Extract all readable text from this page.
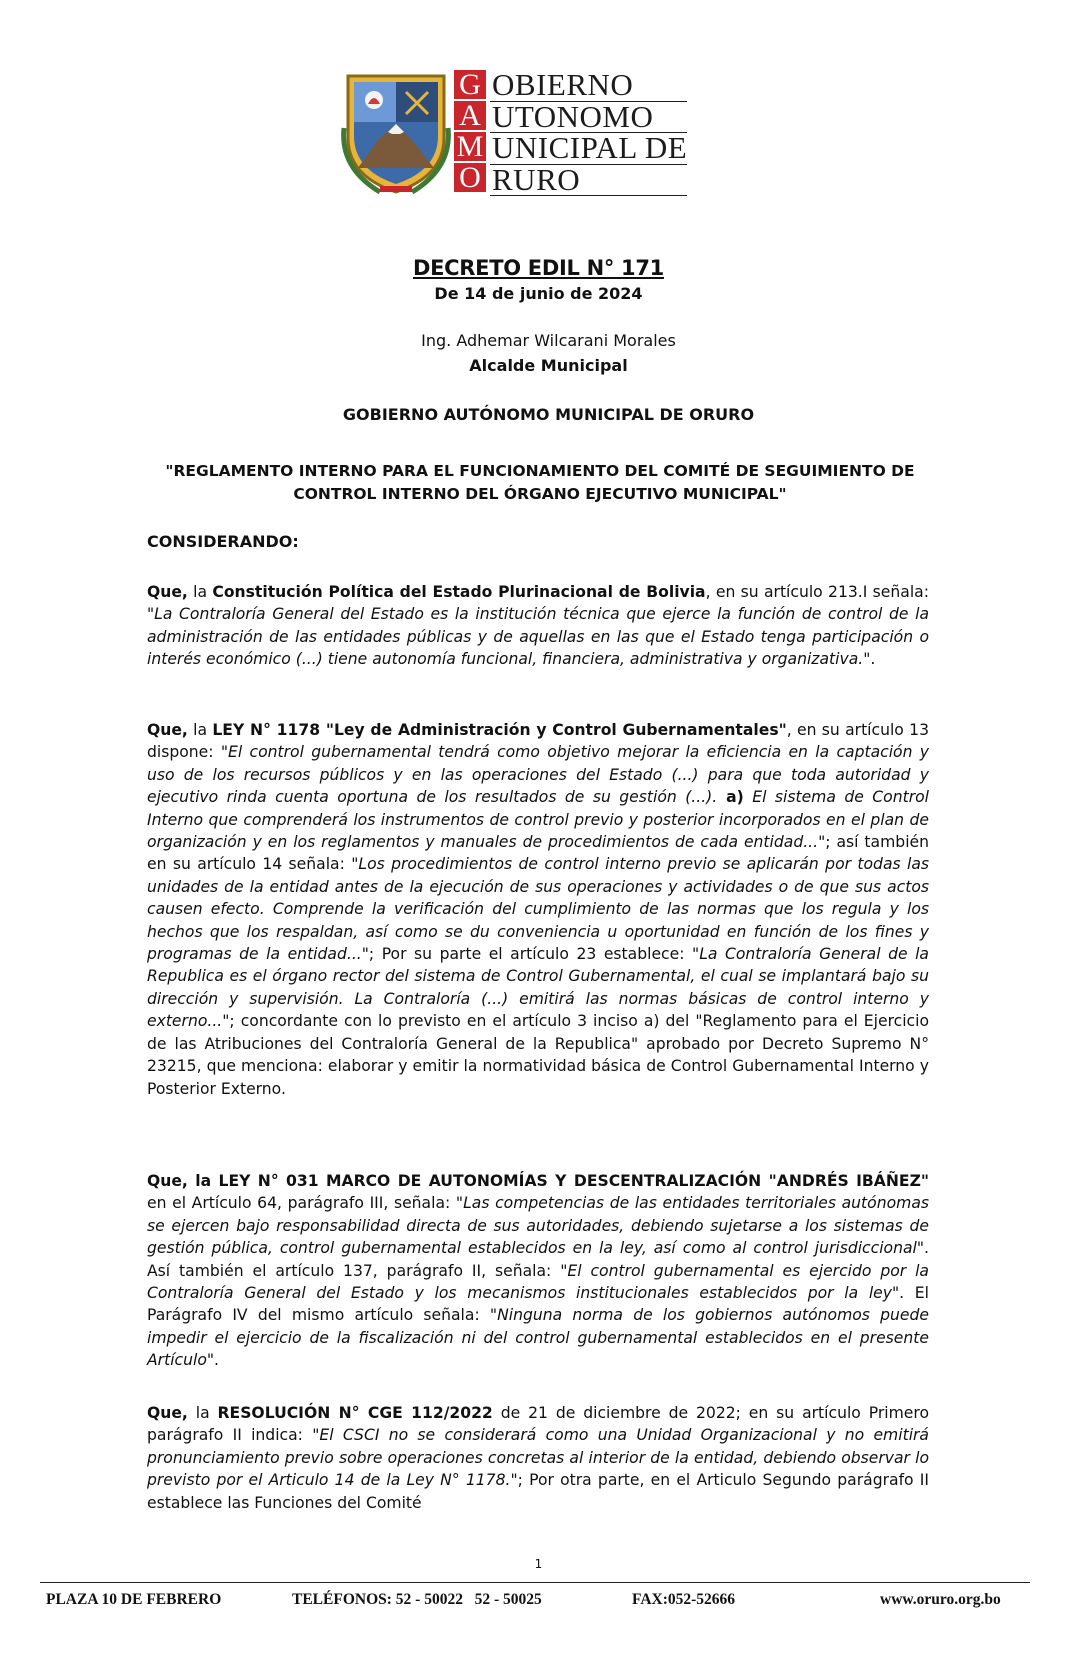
G
A
M
O
OBIERNO
UTONOMO
UNICIPAL DE
RURO
DECRETO EDIL N° 171
De 14 de junio de 2024
Ing. Adhemar Wilcarani Morales
Alcalde Municipal
GOBIERNO AUTÓNOMO MUNICIPAL DE ORURO
"REGLAMENTO INTERNO PARA EL FUNCIONAMIENTO DEL COMITÉ DE SEGUIMIENTO DE CONTROL INTERNO DEL ÓRGANO EJECUTIVO MUNICIPAL"
CONSIDERANDO:
Que, la Constitución Política del Estado Plurinacional de Bolivia, en su artículo 213.I señala: "La Contraloría General del Estado es la institución técnica que ejerce la función de control de la administración de las entidades públicas y de aquellas en las que el Estado tenga participación o interés económico (...) tiene autonomía funcional, financiera, administrativa y organizativa.".
Que, la LEY N° 1178 "Ley de Administración y Control Gubernamentales", en su artículo 13 dispone: "El control gubernamental tendrá como objetivo mejorar la eficiencia en la captación y uso de los recursos públicos y en las operaciones del Estado (...) para que toda autoridad y ejecutivo rinda cuenta oportuna de los resultados de su gestión (...). a) El sistema de Control Interno que comprenderá los instrumentos de control previo y posterior incorporados en el plan de organización y en los reglamentos y manuales de procedimientos de cada entidad..."; así también en su artículo 14 señala: "Los procedimientos de control interno previo se aplicarán por todas las unidades de la entidad antes de la ejecución de sus operaciones y actividades o de que sus actos causen efecto. Comprende la verificación del cumplimiento de las normas que los regula y los hechos que los respaldan, así como se du conveniencia u oportunidad en función de los fines y programas de la entidad..."; Por su parte el artículo 23 establece: "La Contraloría General de la Republica es el órgano rector del sistema de Control Gubernamental, el cual se implantará bajo su dirección y supervisión. La Contraloría (...) emitirá las normas básicas de control interno y externo..."; concordante con lo previsto en el artículo 3 inciso a) del "Reglamento para el Ejercicio de las Atribuciones del Contraloría General de la Republica" aprobado por Decreto Supremo N° 23215, que menciona: elaborar y emitir la normatividad básica de Control Gubernamental Interno y Posterior Externo.
Que, la LEY N° 031 MARCO DE AUTONOMÍAS Y DESCENTRALIZACIÓN "ANDRÉS IBÁÑEZ" en el Artículo 64, parágrafo III, señala: "Las competencias de las entidades territoriales autónomas se ejercen bajo responsabilidad directa de sus autoridades, debiendo sujetarse a los sistemas de gestión pública, control gubernamental establecidos en la ley, así como al control jurisdiccional". Así también el artículo 137, parágrafo II, señala: "El control gubernamental es ejercido por la Contraloría General del Estado y los mecanismos institucionales establecidos por la ley". El Parágrafo IV del mismo artículo señala: "Ninguna norma de los gobiernos autónomos puede impedir el ejercicio de la fiscalización ni del control gubernamental establecidos en el presente Artículo".
Que, la RESOLUCIÓN N° CGE 112/2022 de 21 de diciembre de 2022; en su artículo Primero parágrafo II indica: "El CSCI no se considerará como una Unidad Organizacional y no emitirá pronunciamiento previo sobre operaciones concretas al interior de la entidad, debiendo observar lo previsto por el Articulo 14 de la Ley N° 1178."; Por otra parte, en el Articulo Segundo parágrafo II establece las Funciones del Comité
1
PLAZA 10 DE FEBRERO	TELÉFONOS: 52 - 50022   52 - 50025	FAX:052-52666	www.oruro.org.bo
